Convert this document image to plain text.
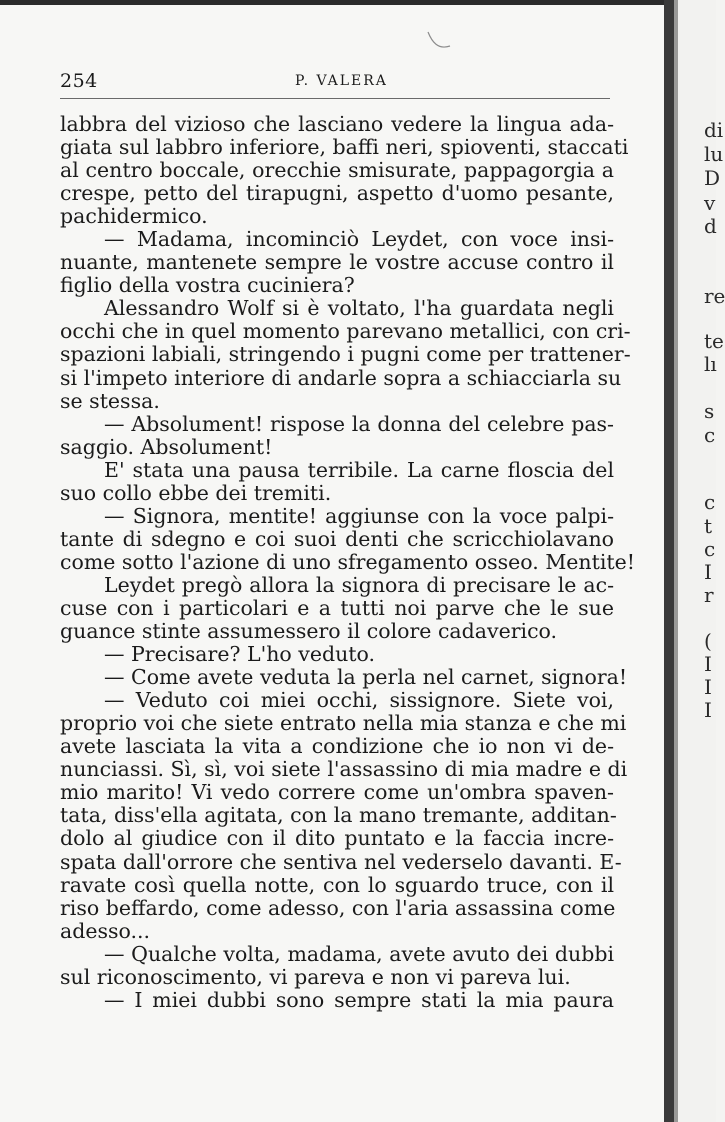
254	P. VALERA
labbra del vizioso che lasciano vedere la lingua ada-
giata sul labbro inferiore, baffi neri, spioventi, staccati
al centro boccale, orecchie smisurate, pappagorgia a
crespe, petto del tirapugni, aspetto d'uomo pesante,
pachidermico.
— Madama, incominciò Leydet, con voce insi-
nuante, mantenete sempre le vostre accuse contro il
figlio della vostra cuciniera?
Alessandro Wolf si è voltato, l'ha guardata negli
occhi che in quel momento parevano metallici, con cri-
spazioni labiali, stringendo i pugni come per trattener-
si l'impeto interiore di andarle sopra a schiacciarla su
se stessa.
— Absolument! rispose la donna del celebre pas-
saggio. Absolument!
E' stata una pausa terribile. La carne floscia del
suo collo ebbe dei tremiti.
— Signora, mentite! aggiunse con la voce palpi-
tante di sdegno e coi suoi denti che scricchiolavano
come sotto l'azione di uno sfregamento osseo. Mentite!
Leydet pregò allora la signora di precisare le ac-
cuse con i particolari e a tutti noi parve che le sue
guance stinte assumessero il colore cadaverico.
— Precisare? L'ho veduto.
— Come avete veduta la perla nel carnet, signora!
— Veduto coi miei occhi, sissignore. Siete voi,
proprio voi che siete entrato nella mia stanza e che mi
avete lasciata la vita a condizione che io non vi de-
nunciassi. Sì, sì, voi siete l'assassino di mia madre e di
mio marito! Vi vedo correre come un'ombra spaven-
tata, diss'ella agitata, con la mano tremante, additan-
dolo al giudice con il dito puntato e la faccia incre-
spata dall'orrore che sentiva nel vederselo davanti. E-
ravate così quella notte, con lo sguardo truce, con il
riso beffardo, come adesso, con l'aria assassina come
adesso...
— Qualche volta, madama, avete avuto dei dubbi
sul riconoscimento, vi pareva e non vi pareva lui.
— I miei dubbi sono sempre stati la mia paura
di
lu
D
v
d
re
te
lı
s
c
c
t
c
I
r
(
I
I
I
